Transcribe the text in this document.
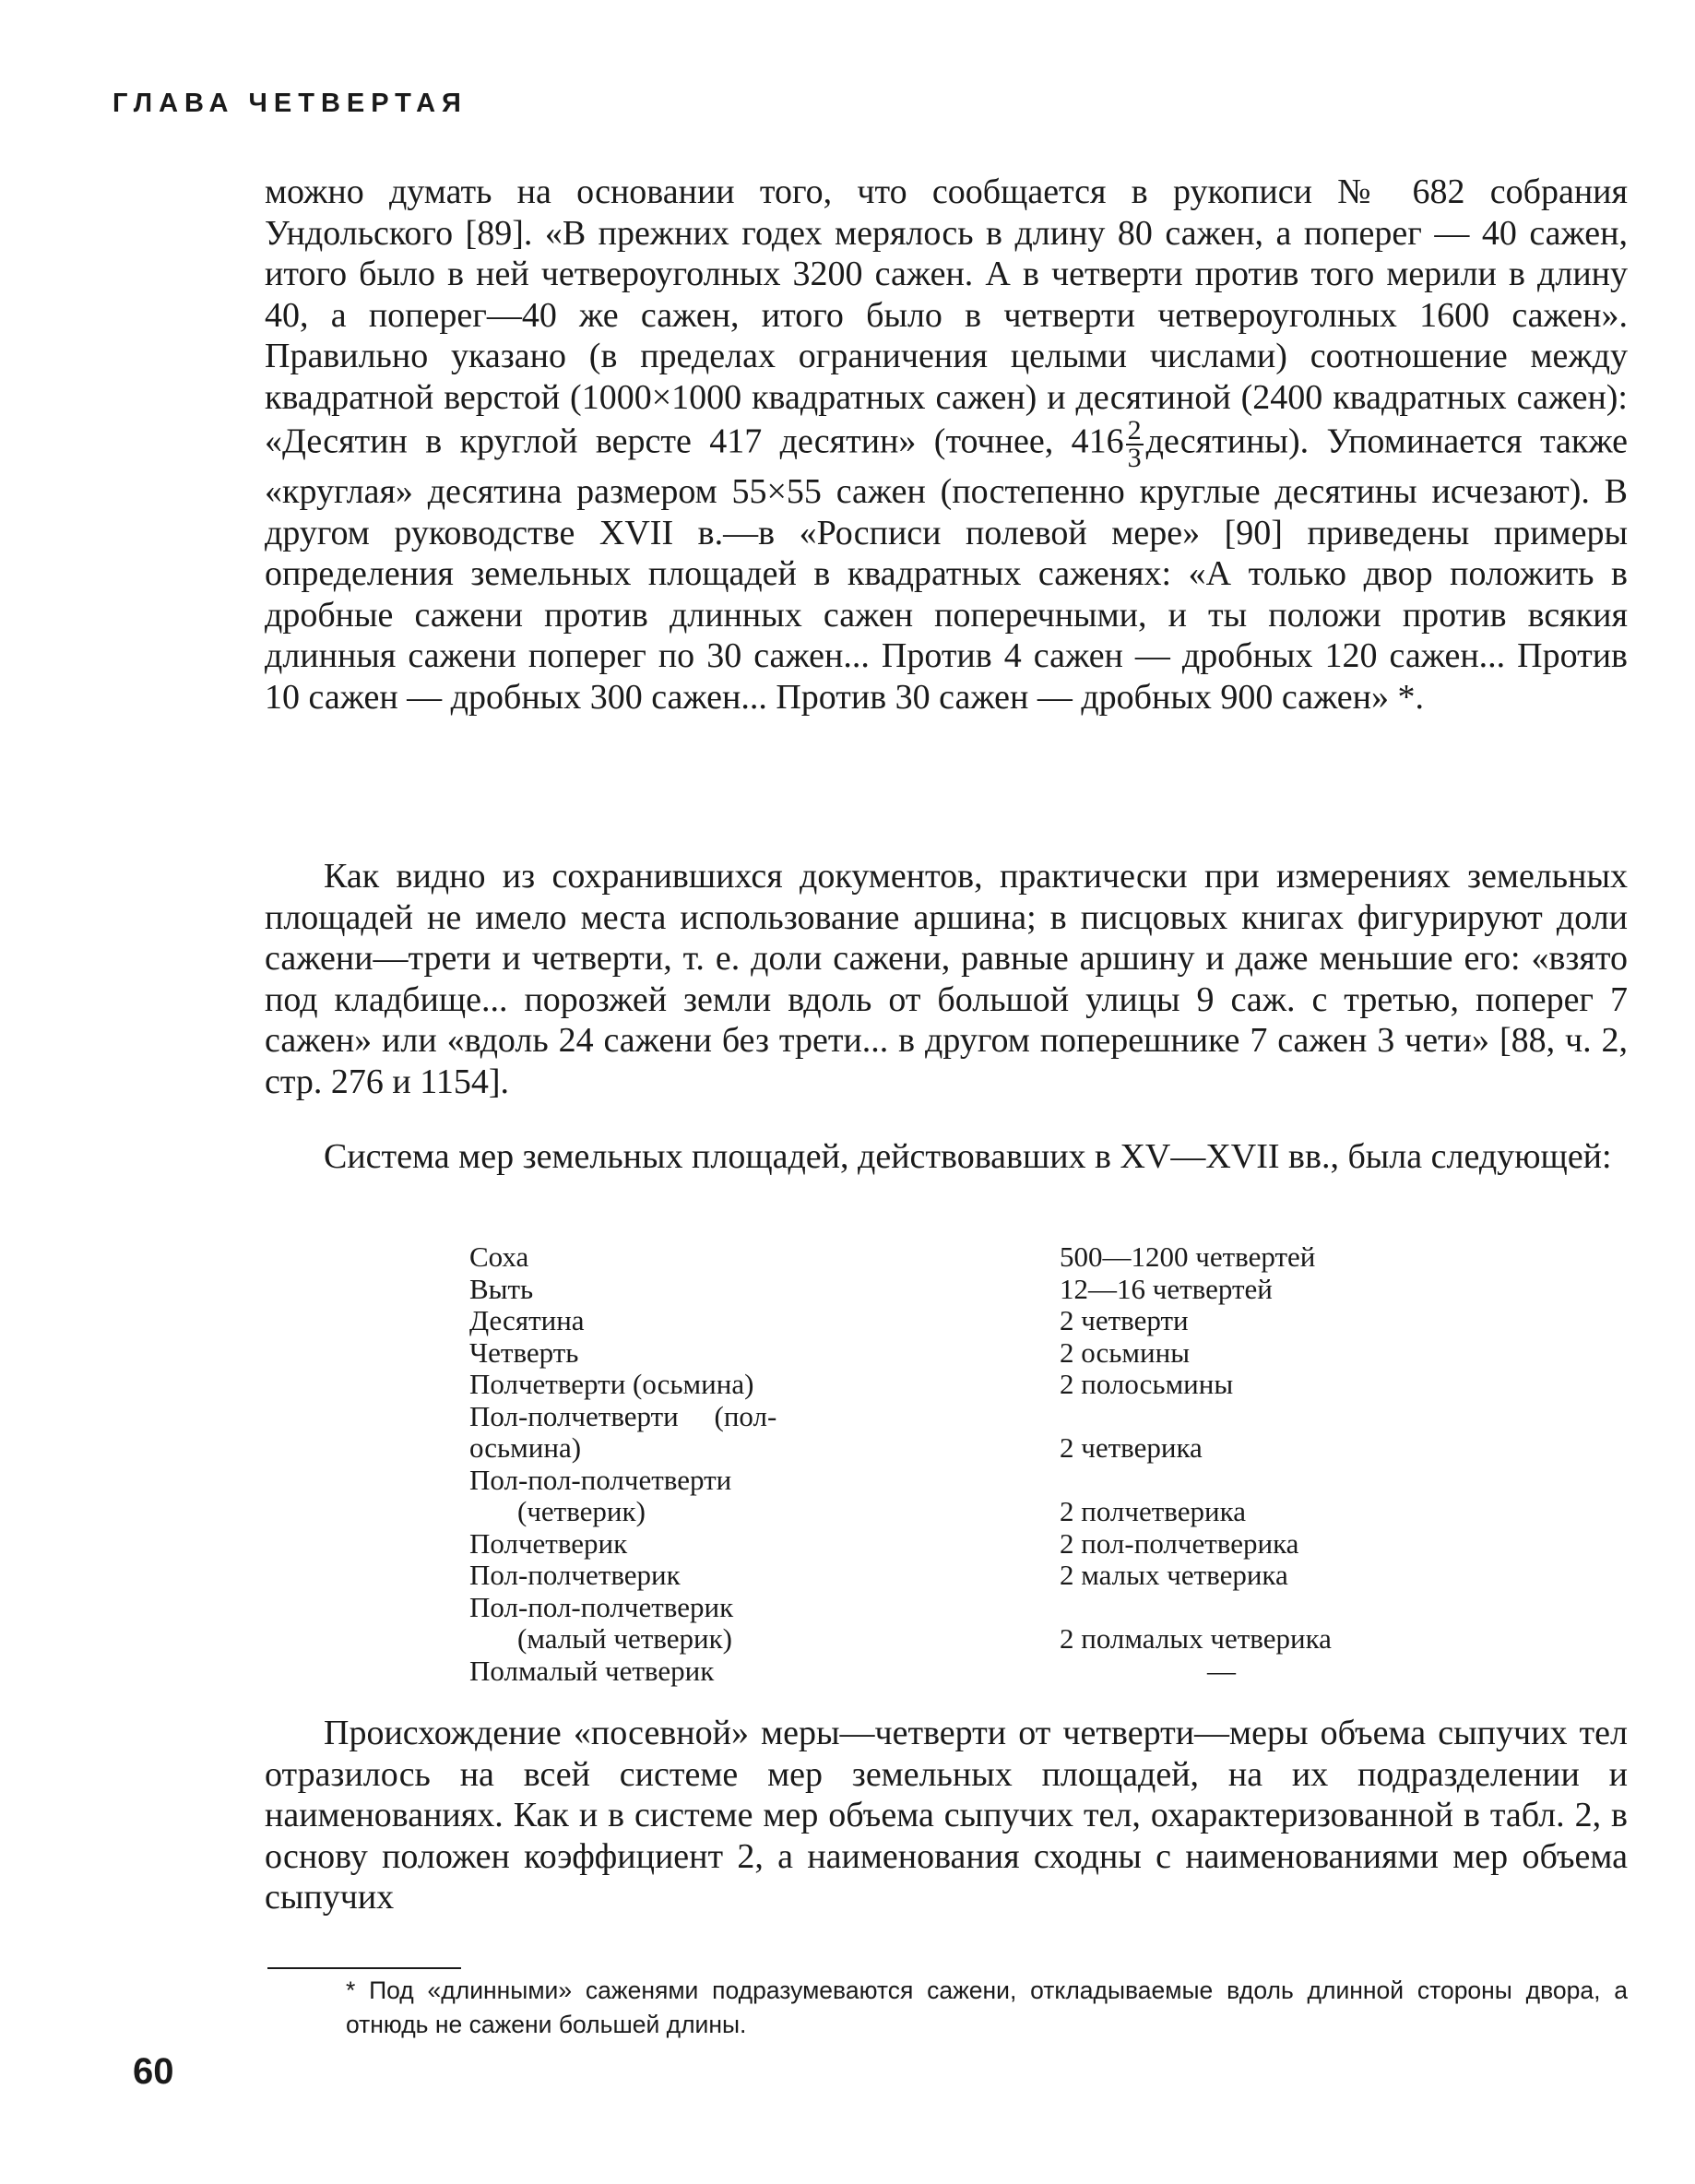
ГЛАВА ЧЕТВЕРТАЯ

можно думать на основании того, что сообщается в рукописи № 682 собрания Ундольского [89]. «В прежних годех мерялось в длину 80 сажен, а поперег — 40 сажен, итого было в ней четвероуголных 3200 сажен. А в четверти против того мерили в длину 40, а поперег—40 же сажен, итого было в четверти четвероуголных 1600 сажен». Правильно указано (в пределах ограничения целыми числами) соотношение между квадратной верстой (1000×1000 квадратных сажен) и десятиной (2400 квадратных сажен): «Десятин в круглой версте 417 десятин» (точнее, $416 \frac{2}{3}$ десятины). Упоминается также «круглая» десятина размером 55×55 сажен (постепенно круглые десятины исчезают). В другом руководстве XVII в.—в «Росписи полевой мере» [90] приведены примеры определения земельных площадей в квадратных саженях: «А только двор положить в дробные сажени против длинных сажен поперечными, и ты положи против всякия длинныя сажени поперег по 30 сажен... Против 4 сажен — дробных 120 сажен... Против 10 сажен — дробных 300 сажен... Против 30 сажен — дробных 900 сажен» *.

Как видно из сохранившихся документов, практически при измерениях земельных площадей не имело места использование аршина; в писцовых книгах фигурируют доли сажени—трети и четверти, т. е. доли сажени, равные аршину и даже меньшие его: «взято под кладбище... порозжей земли вдоль от большой улицы 9 саж. с третью, поперег 7 сажен» или «вдоль 24 сажени без трети... в другом поперешнике 7 сажен 3 чети» [88, ч. 2, стр. 276 и 1154].

Система мер земельных площадей, действовавших в XV—XVII вв., была следующей:

Соха	500—1200 четвертей
Выть	12—16 четвертей
Десятина	2 четверти
Четверть	2 осьмины
Полчетверти (осьмина)	2 полосьмины
Пол-полчетверти     (пол-
осьмина)	2 четверика
Пол-пол-полчетверти
(четверик)	2 полчетверика
Полчетверик	2 пол-полчетверика
Пол-полчетверик	2 малых четверика
Пол-пол-полчетверик
(малый четверик)	2 полмалых четверика
Полмалый четверик	—

Происхождение «посевной» меры—четверти от четверти—меры объема сыпучих тел отразилось на всей системе мер земельных площадей, на их подразделении и наименованиях. Как и в системе мер объема сыпучих тел, охарактеризованной в табл. 2, в основу положен коэффициент 2, а наименования сходны с наименованиями мер объема сыпучих

* Под «длинными» саженями подразумеваются сажени, откладываемые вдоль длинной стороны двора, а отнюдь не сажени большей длины.
60
